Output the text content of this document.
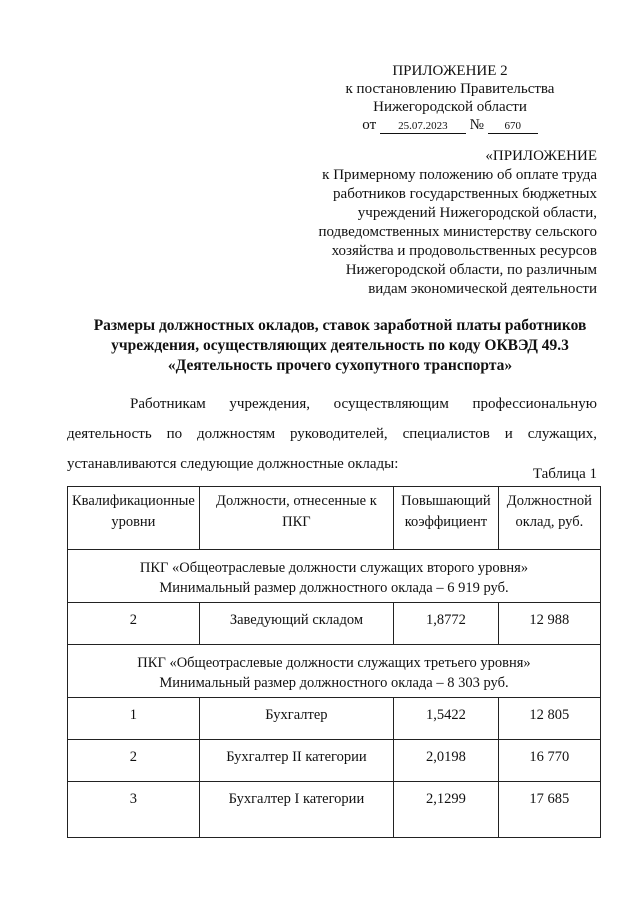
ПРИЛОЖЕНИЕ 2
к постановлению Правительства
Нижегородской области
от 25.07.2023 № 670
«ПРИЛОЖЕНИЕ
к Примерному положению об оплате труда
работников государственных бюджетных
учреждений Нижегородской области,
подведомственных министерству сельского
хозяйства и продовольственных ресурсов
Нижегородской области, по различным
видам экономической деятельности
Размеры должностных окладов, ставок заработной платы работников
учреждения, осуществляющих деятельность по коду ОКВЭД 49.3
«Деятельность прочего сухопутного транспорта»
Работникам учреждения, осуществляющим профессиональную
деятельность по должностям руководителей, специалистов и служащих,
устанавливаются следующие должностные оклады:
Таблица 1
Квалификационные уровни	Должности, отнесенные к ПКГ	Повышающий коэффициент	Должностной оклад, руб.

ПКГ «Общеотраслевые должности служащих второго уровня»
Минимальный размер должностного оклада – 6 919 руб.			

2	Заведующий складом	1,8772	12 988

ПКГ «Общеотраслевые должности служащих третьего уровня»
Минимальный размер должностного оклада – 8 303 руб.			

1	Бухгалтер	1,5422	12 805
2	Бухгалтер II категории	2,0198	16 770
3	Бухгалтер I категории	2,1299	17 685
